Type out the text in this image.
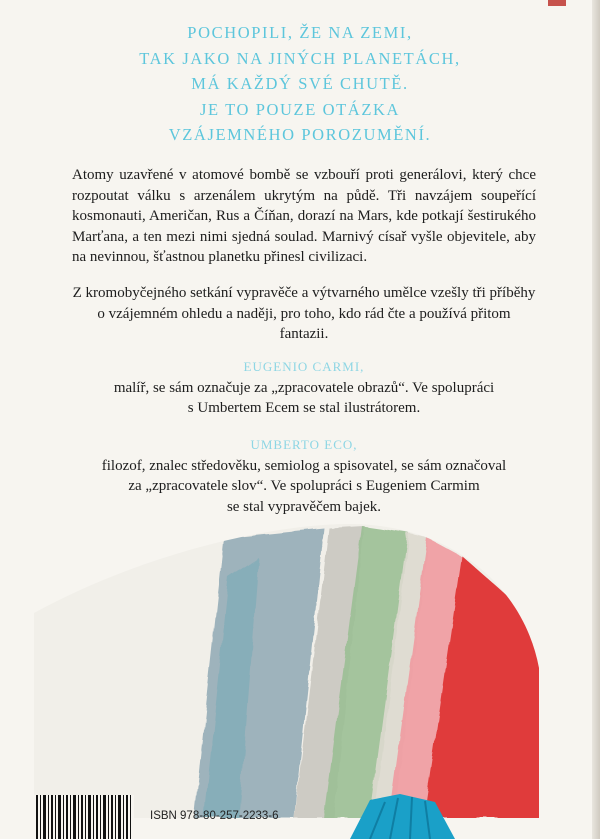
POCHOPILI, ŽE NA ZEMI,
TAK JAKO NA JINÝCH PLANETÁCH,
MÁ KAŽDÝ SVÉ CHUTĚ.
JE TO POUZE OTÁZKA
VZÁJEMNÉHO POROZUMĚNÍ.

Atomy uzavřené v atomové bombě se vzbouří proti generálovi, který chce rozpoutat válku s arzenálem ukrytým na půdě. Tři navzájem soupeřící kosmonauti, Američan, Rus a Číňan, dorazí na Mars, kde potkají šestirukého Marťana, a ten mezi nimi sjedná soulad. Marnivý císař vyšle objevitele, aby na nevinnou, šťastnou planetku přinesl civilizaci.

Z kromobyčejného setkání vypravěče a výtvarného umělce vzešly tři příběhy o vzájemném ohledu a naději, pro toho, kdo rád čte a používá přitom fantazii.

EUGENIO CARMI,
malíř, se sám označuje za „zpracovatele obrazů“. Ve spolupráci
s Umbertem Ecem se stal ilustrátorem.
UMBERTO ECO,
filozof, znalec středověku, semiolog a spisovatel, se sám označoval
za „zpracovatele slov“. Ve spolupráci s Eugeniem Carmim
se stal vypravěčem bajek.
ISBN 978-80-257-2233-6
